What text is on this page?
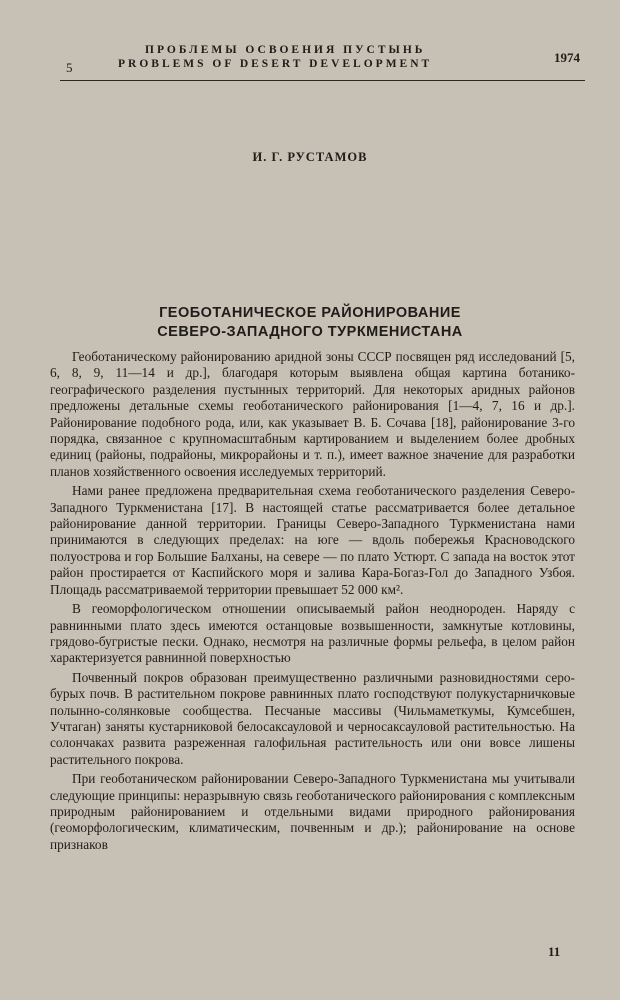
5
ПРОБЛЕМЫ ОСВОЕНИЯ ПУСТЫНЬ
PROBLEMS OF DESERT DEVELOPMENT	1974
И. Г. РУСТАМОВ
ГЕОБОТАНИЧЕСКОЕ РАЙОНИРОВАНИЕ
СЕВЕРО-ЗАПАДНОГО ТУРКМЕНИСТАНА

Геоботаническому районированию аридной зоны СССР посвящен ряд исследований [5, 6, 8, 9, 11—14 и др.], благодаря которым выявлена общая картина ботанико-географического разделения пустынных территорий. Для некоторых аридных районов предложены детальные схемы геоботанического районирования [1—4, 7, 16 и др.]. Районирование подобного рода, или, как указывает В. Б. Сочава [18], районирование 3-го порядка, связанное с крупномасштабным картированием и выделением более дробных единиц (районы, подрайоны, микрорайоны и т. п.), имеет важное значение для разработки планов хозяйственного освоения исследуемых территорий.

Нами ранее предложена предварительная схема геоботанического разделения Северо-Западного Туркменистана [17]. В настоящей статье рассматривается более детальное районирование данной территории. Границы Северо-Западного Туркменистана нами принимаются в следующих пределах: на юге — вдоль побережья Красноводского полуострова и гор Большие Балханы, на севере — по плато Устюрт. С запада на восток этот район простирается от Каспийского моря и залива Кара-Богаз-Гол до Западного Узбоя. Площадь рассматриваемой территории превышает 52 000 км².

В геоморфологическом отношении описываемый район неоднороден. Наряду с равнинными плато здесь имеются останцовые возвышенности, замкнутые котловины, грядово-бугристые пески. Однако, несмотря на различные формы рельефа, в целом район характеризуется равнинной поверхностью

Почвенный покров образован преимущественно различными разновидностями серо-бурых почв. В растительном покрове равнинных плато господствуют полукустарничковые полынно-солянковые сообщества. Песчаные массивы (Чильмаметкумы, Кумсебшен, Учтаган) заняты кустарниковой белосаксауловой и черносаксауловой растительностью. На солончаках развита разреженная галофильная растительность или они вовсе лишены растительного покрова.

При геоботаническом районировании Северо-Западного Туркменистана мы учитывали следующие принципы: неразрывную связь геоботанического районирования с комплексным природным районированием и отдельными видами природного районирования (геоморфологическим, климатическим, почвенным и др.); районирование на основе признаков

11
